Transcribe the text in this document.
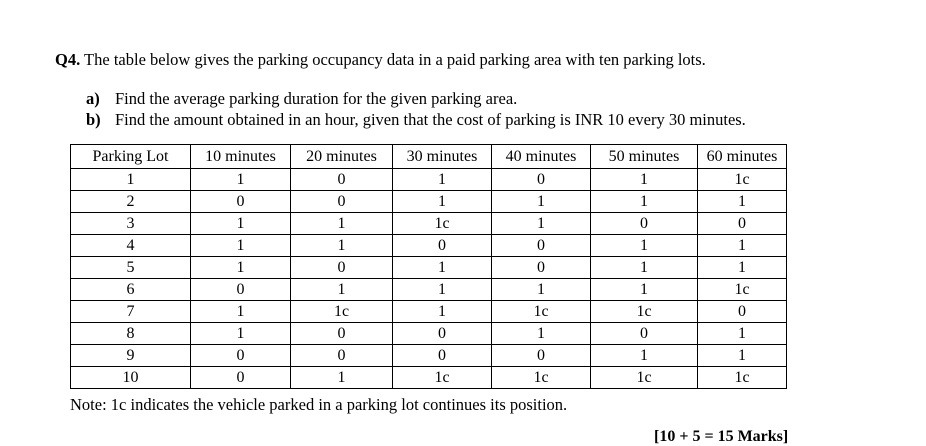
Q4. The table below gives the parking occupancy data in a paid parking area with ten parking lots.
a) Find the average parking duration for the given parking area.
b) Find the amount obtained in an hour, given that the cost of parking is INR 10 every 30 minutes.
Parking Lot	10 minutes	20 minutes	30 minutes	40 minutes	50 minutes	60 minutes
1	1	0	1	0	1	1c
2	0	0	1	1	1	1
3	1	1	1c	1	0	0
4	1	1	0	0	1	1
5	1	0	1	0	1	1
6	0	1	1	1	1	1c
7	1	1c	1	1c	1c	0
8	1	0	0	1	0	1
9	0	0	0	0	1	1
10	0	1	1c	1c	1c	1c
Note: 1c indicates the vehicle parked in a parking lot continues its position.
[10 + 5 = 15 Marks]
